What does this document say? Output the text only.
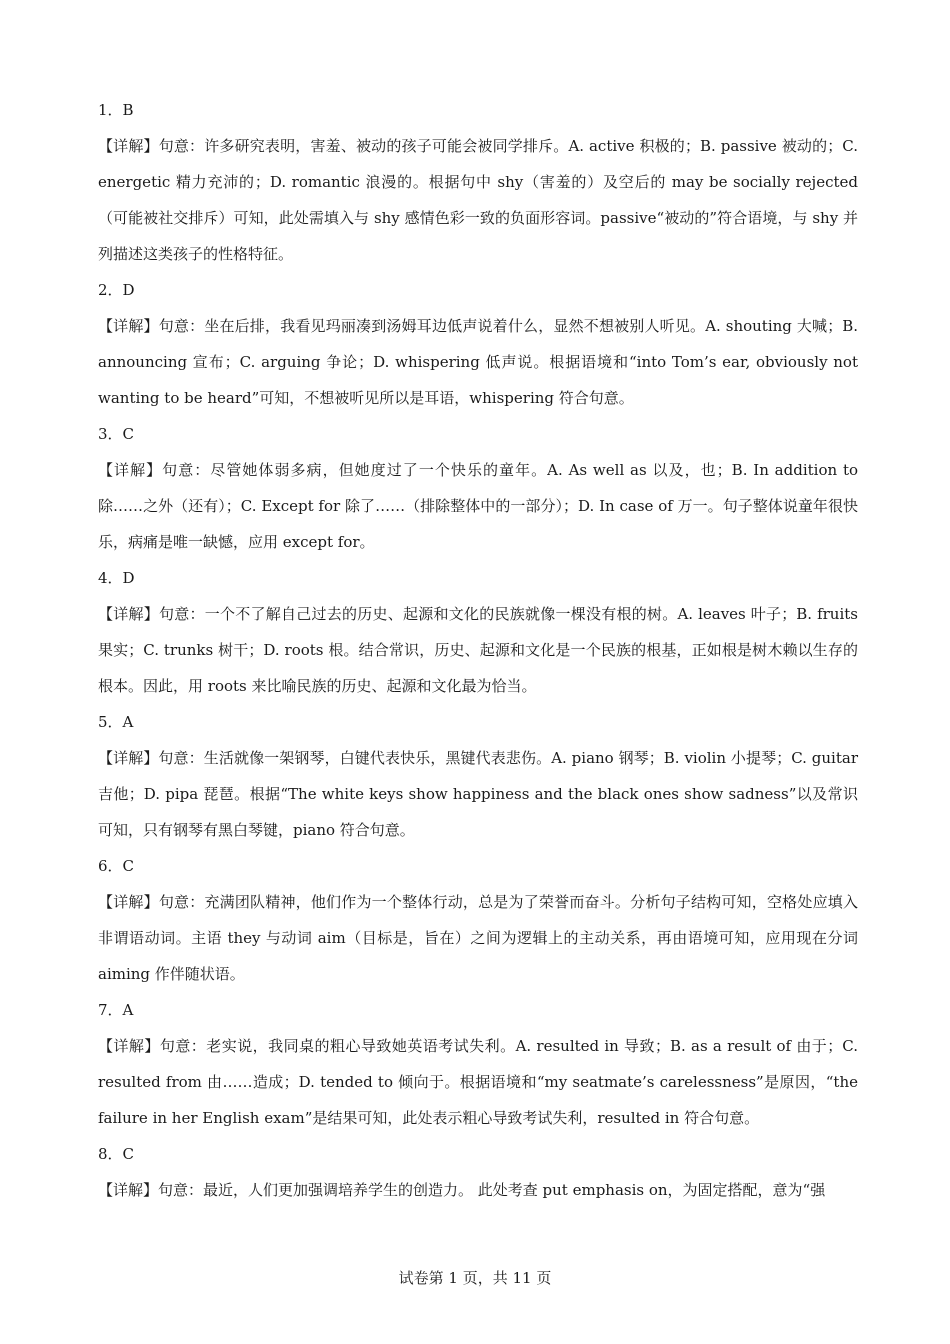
1．B
【详解】句意：许多研究表明，害羞、被动的孩子可能会被同学排斥。A. active 积极的；B. passive 被动的；C. energetic 精力充沛的；D. romantic 浪漫的。根据句中 shy（害羞的）及空后的 may be socially rejected（可能被社交排斥）可知，此处需填入与 shy 感情色彩一致的负面形容词。passive“被动的”符合语境，与 shy 并列描述这类孩子的性格特征。
2．D
【详解】句意：坐在后排，我看见玛丽凑到汤姆耳边低声说着什么，显然不想被别人听见。A. shouting 大喊；B. announcing 宣布；C. arguing 争论；D. whispering 低声说。根据语境和“into Tom’s ear, obviously not wanting to be heard”可知，不想被听见所以是耳语，whispering 符合句意。
3．C
【详解】句意：尽管她体弱多病，但她度过了一个快乐的童年。A. As well as 以及，也；B. In addition to 除……之外（还有）；C. Except for 除了……（排除整体中的一部分）；D. In case of 万一。句子整体说童年很快乐，病痛是唯一缺憾，应用 except for。
4．D
【详解】句意：一个不了解自己过去的历史、起源和文化的民族就像一棵没有根的树。A. leaves 叶子；B. fruits 果实；C. trunks 树干；D. roots 根。结合常识，历史、起源和文化是一个民族的根基，正如根是树木赖以生存的根本。因此，用 roots 来比喻民族的历史、起源和文化最为恰当。
5．A
【详解】句意：生活就像一架钢琴，白键代表快乐，黑键代表悲伤。A. piano 钢琴；B. violin 小提琴；C. guitar 吉他；D. pipa 琵琶。根据“The white keys show happiness and the black ones show sadness”以及常识可知，只有钢琴有黑白琴键，piano 符合句意。
6．C
【详解】句意：充满团队精神，他们作为一个整体行动，总是为了荣誉而奋斗。分析句子结构可知，空格处应填入非谓语动词。主语 they 与动词 aim（目标是，旨在）之间为逻辑上的主动关系，再由语境可知，应用现在分词 aiming 作伴随状语。
7．A
【详解】句意：老实说，我同桌的粗心导致她英语考试失利。A. resulted in 导致；B. as a result of 由于；C. resulted from 由……造成；D. tended to 倾向于。根据语境和“my seatmate’s carelessness”是原因，“the failure in her English exam”是结果可知，此处表示粗心导致考试失利，resulted in 符合句意。
8．C
【详解】句意：最近，人们更加强调培养学生的创造力。 此处考查 put emphasis on，为固定搭配，意为“强
试卷第 1 页，共 11 页
